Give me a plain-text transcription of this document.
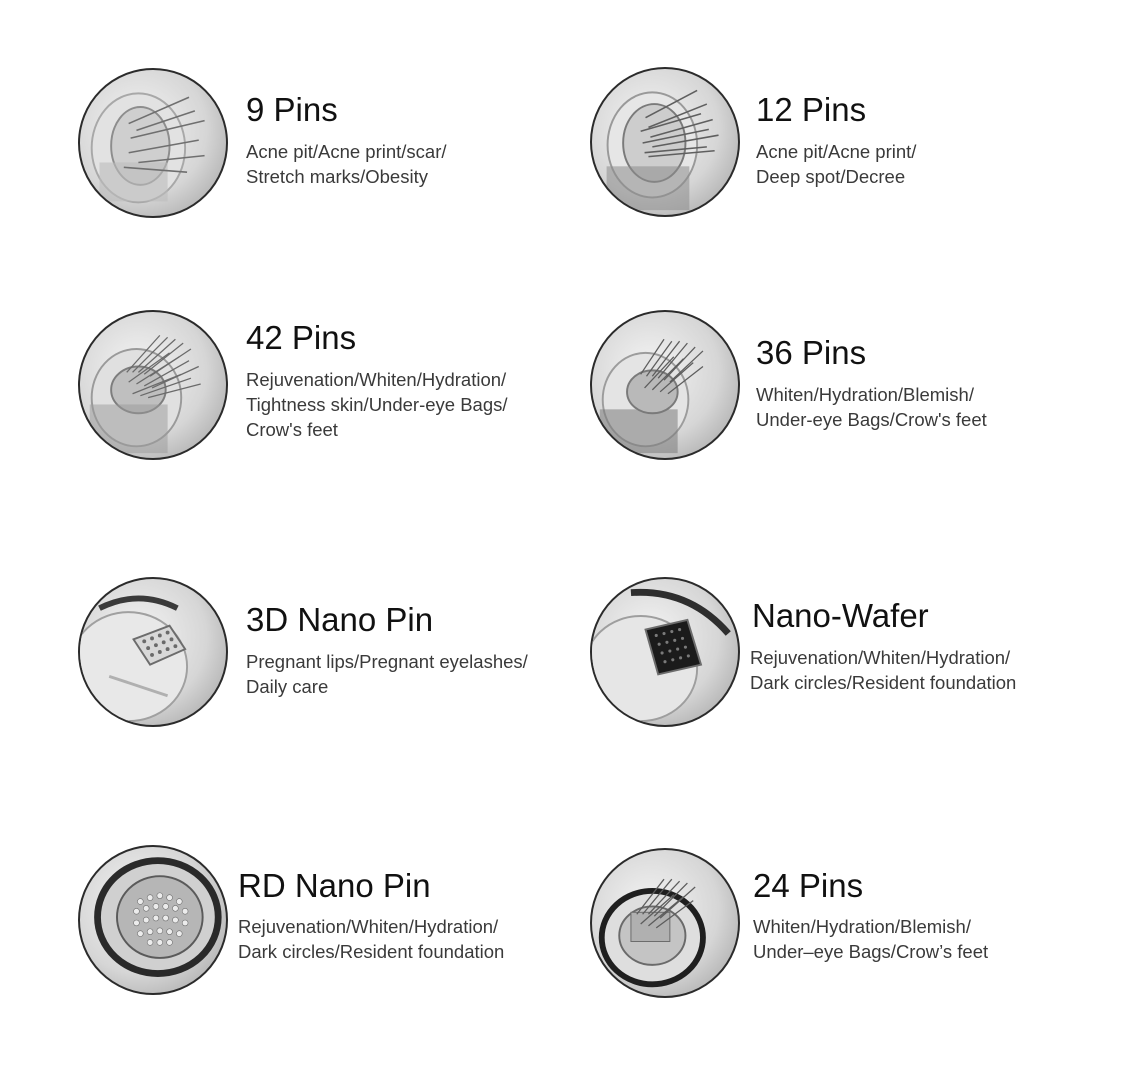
9 Pins

Acne pit/Acne print/scar/
Stretch marks/Obesity

12 Pins

Acne pit/Acne print/
Deep spot/Decree

42 Pins

Rejuvenation/Whiten/Hydration/
Tightness skin/Under-eye Bags/
Crow's feet

36 Pins

Whiten/Hydration/Blemish/
Under-eye Bags/Crow's feet

3D Nano Pin

Pregnant lips/Pregnant eyelashes/
Daily care

Nano-Wafer

Rejuvenation/Whiten/Hydration/
Dark circles/Resident foundation

RD Nano Pin

Rejuvenation/Whiten/Hydration/
Dark circles/Resident foundation

24 Pins

Whiten/Hydration/Blemish/
Under–eye Bags/Crow’s feet
